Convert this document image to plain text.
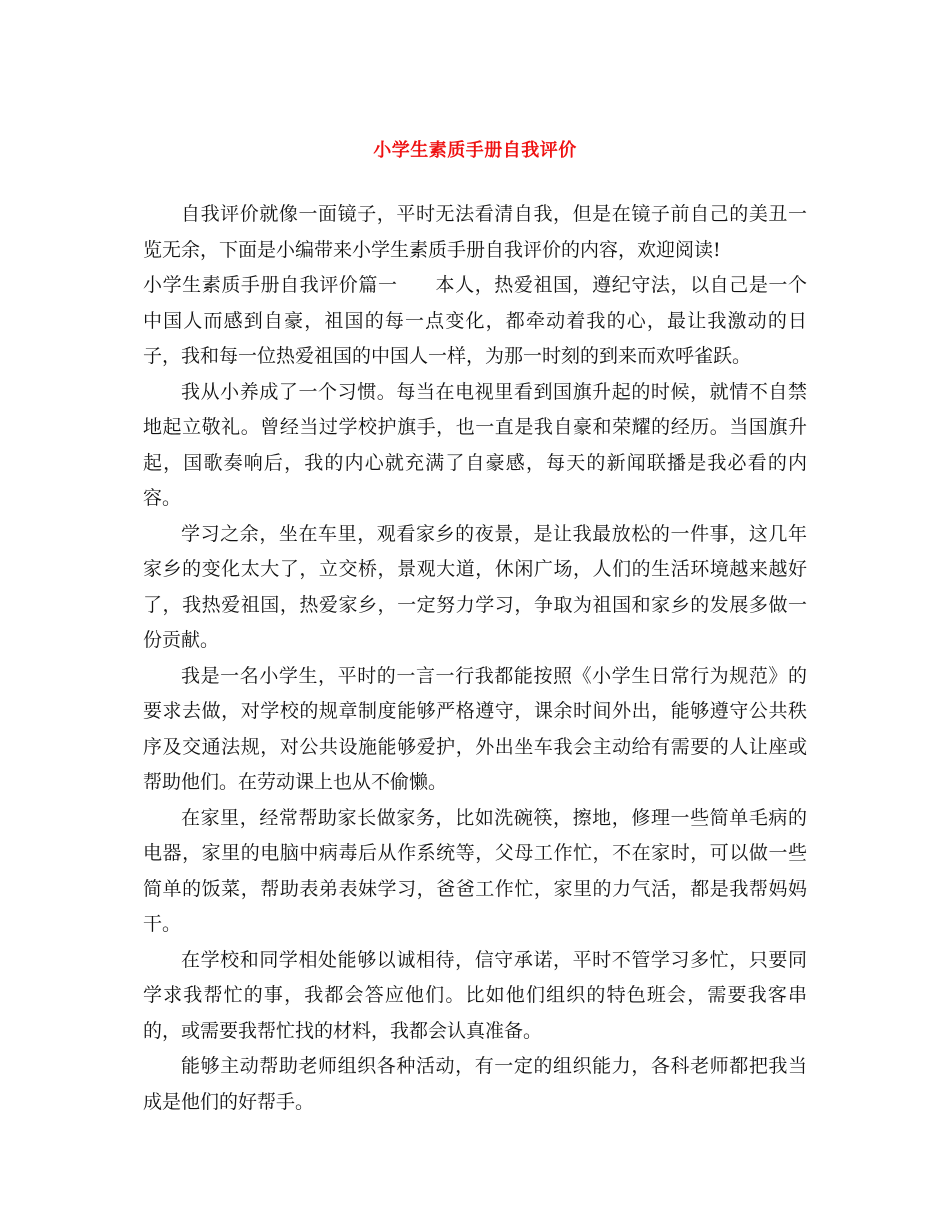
小学生素质手册自我评价

自我评价就像一面镜子，平时无法看清自我，但是在镜子前自己的美丑一览无余，下面是小编带来小学生素质手册自我评价的内容，欢迎阅读!

小学生素质手册自我评价篇一 本人，热爱祖国，遵纪守法，以自己是一个中国人而感到自豪，祖国的每一点变化，都牵动着我的心，最让我激动的日子，我和每一位热爱祖国的中国人一样，为那一时刻的到来而欢呼雀跃。

我从小养成了一个习惯。每当在电视里看到国旗升起的时候，就情不自禁地起立敬礼。曾经当过学校护旗手，也一直是我自豪和荣耀的经历。当国旗升起，国歌奏响后，我的内心就充满了自豪感，每天的新闻联播是我必看的内容。

学习之余，坐在车里，观看家乡的夜景，是让我最放松的一件事，这几年家乡的变化太大了，立交桥，景观大道，休闲广场，人们的生活环境越来越好了，我热爱祖国，热爱家乡，一定努力学习，争取为祖国和家乡的发展多做一份贡献。

我是一名小学生，平时的一言一行我都能按照《小学生日常行为规范》的要求去做，对学校的规章制度能够严格遵守，课余时间外出，能够遵守公共秩序及交通法规，对公共设施能够爱护，外出坐车我会主动给有需要的人让座或帮助他们。在劳动课上也从不偷懒。

在家里，经常帮助家长做家务，比如洗碗筷，擦地，修理一些简单毛病的电器，家里的电脑中病毒后从作系统等，父母工作忙，不在家时，可以做一些简单的饭菜，帮助表弟表妹学习，爸爸工作忙，家里的力气活，都是我帮妈妈干。

在学校和同学相处能够以诚相待，信守承诺，平时不管学习多忙，只要同学求我帮忙的事，我都会答应他们。比如他们组织的特色班会，需要我客串的，或需要我帮忙找的材料，我都会认真准备。

能够主动帮助老师组织各种活动，有一定的组织能力，各科老师都把我当成是他们的好帮手。
